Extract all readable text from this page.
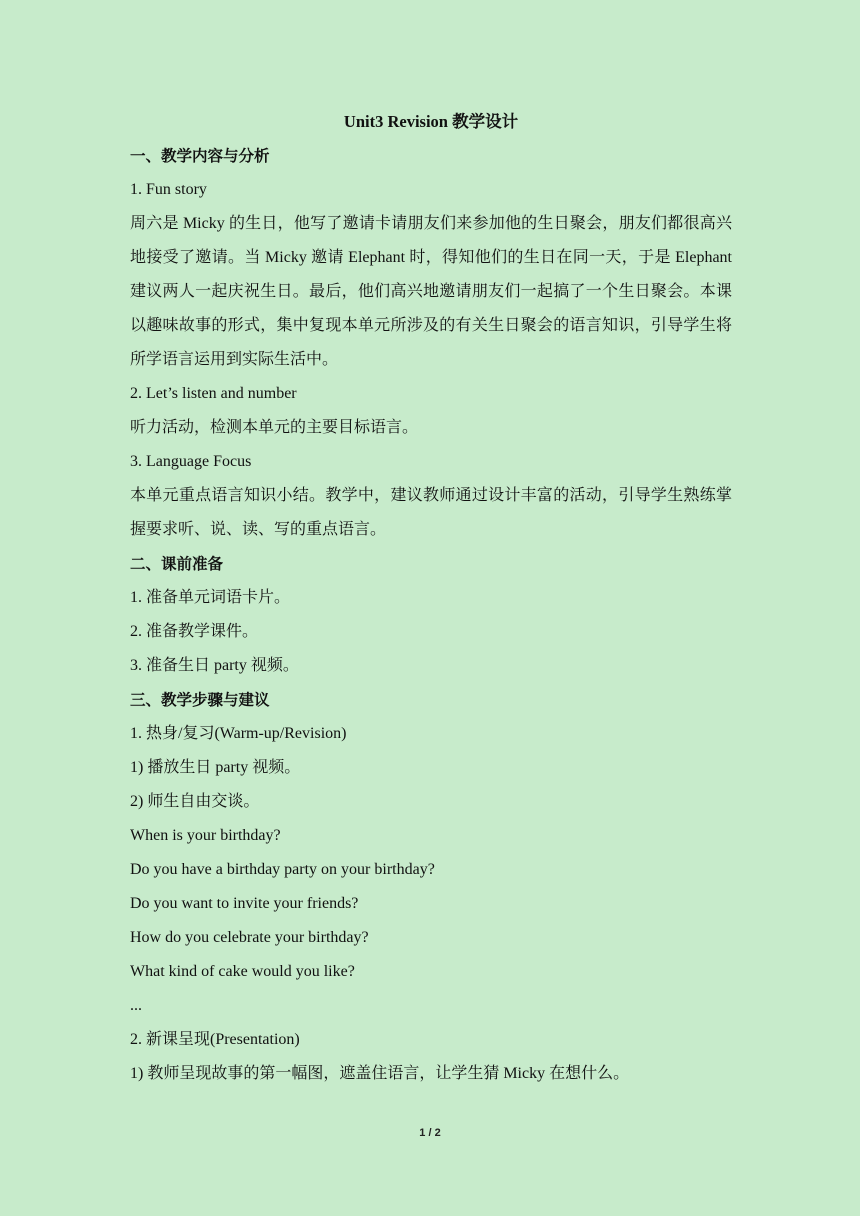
Unit3 Revision 教学设计

一、教学内容与分析

1. Fun story

周六是 Micky 的生日，他写了邀请卡请朋友们来参加他的生日聚会，朋友们都很高兴地接受了邀请。当 Micky 邀请 Elephant 时，得知他们的生日在同一天，于是 Elephant 建议两人一起庆祝生日。最后，他们高兴地邀请朋友们一起搞了一个生日聚会。本课以趣味故事的形式，集中复现本单元所涉及的有关生日聚会的语言知识，引导学生将所学语言运用到实际生活中。

2. Let’s listen and number

听力活动，检测本单元的主要目标语言。

3. Language Focus

本单元重点语言知识小结。教学中，建议教师通过设计丰富的活动，引导学生熟练掌握要求听、说、读、写的重点语言。

二、课前准备

1. 准备单元词语卡片。

2. 准备教学课件。

3. 准备生日 party 视频。

三、教学步骤与建议

1. 热身/复习(Warm-up/Revision)

1) 播放生日 party 视频。

2) 师生自由交谈。

When is your birthday?

Do you have a birthday party on your birthday?

Do you want to invite your friends?

How do you celebrate your birthday?

What kind of cake would you like?

...

2. 新课呈现(Presentation)

1) 教师呈现故事的第一幅图，遮盖住语言，让学生猜 Micky 在想什么。

1 / 2
